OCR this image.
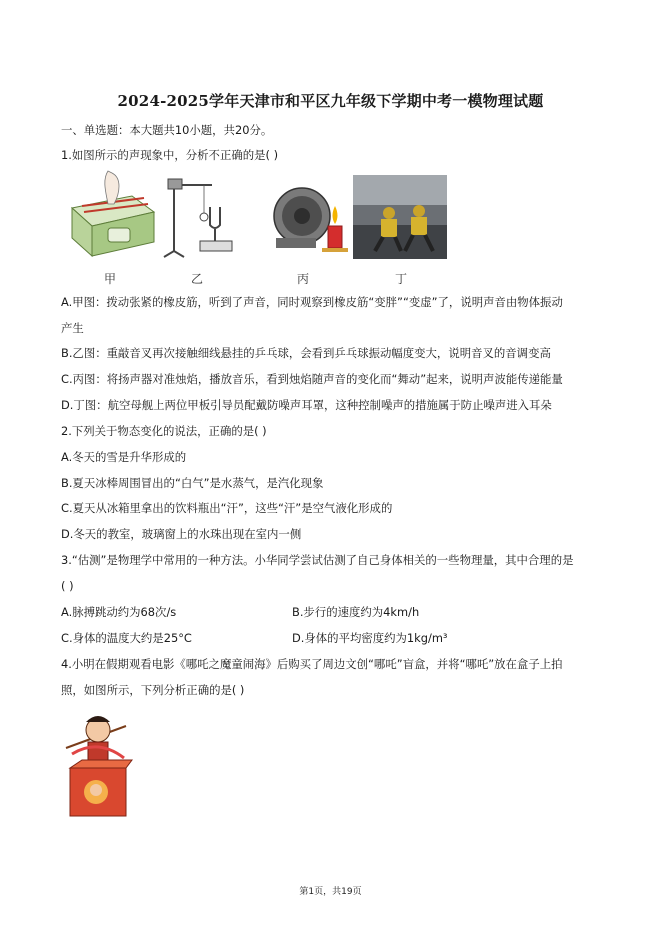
2024-2025学年天津市和平区九年级下学期中考一模物理试题
一、单选题：本大题共10小题，共20分。
1.如图所示的声现象中，分析不正确的是( )
甲	乙	丙	丁
A.甲图：拨动张紧的橡皮筋，听到了声音，同时观察到橡皮筋“变胖”“变虚”了，说明声音由物体振动
产生
B.乙图：重敲音叉再次接触细线悬挂的乒乓球，会看到乒乓球振动幅度变大，说明音叉的音调变高
C.丙图：将扬声器对准烛焰，播放音乐，看到烛焰随声音的变化而“舞动”起来，说明声波能传递能量
D.丁图：航空母舰上两位甲板引导员配戴防噪声耳罩，这种控制噪声的措施属于防止噪声进入耳朵
2.下列关于物态变化的说法，正确的是( )
A.冬天的雪是升华形成的
B.夏天冰棒周围冒出的“白气”是水蒸气，是汽化现象
C.夏天从冰箱里拿出的饮料瓶出“汗”，这些“汗”是空气液化形成的
D.冬天的教室，玻璃窗上的水珠出现在室内一侧
3.“估测”是物理学中常用的一种方法。小华同学尝试估测了自己身体相关的一些物理量，其中合理的是
( )
A.脉搏跳动约为68次/s	B.步行的速度约为4km/h
C.身体的温度大约是25°C	D.身体的平均密度约为1kg/m³
4.小明在假期观看电影《哪吒之魔童闹海》后购买了周边文创“哪吒”盲盒，并将“哪吒”放在盒子上拍
照，如图所示，下列分析正确的是( )
第1页，共19页
